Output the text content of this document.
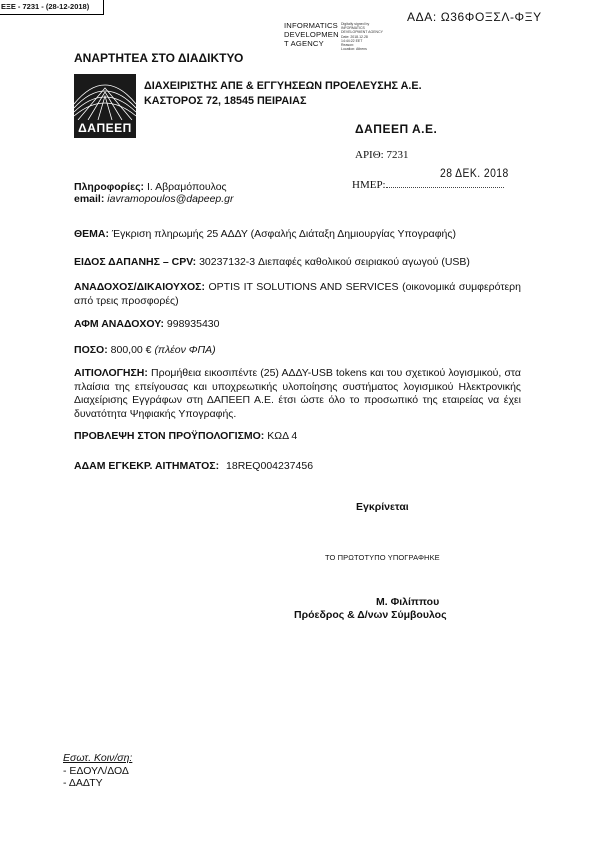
ΕΞΕ - 7231 - (28-12-2018)
INFORMATICS
DEVELOPMEN
T AGENCY
Digitally signed by
INFORMATICS
DEVELOPMENT AGENCY
Date: 2018.12.28
14:44:22 EET
Reason:
Location: Athens
ΑΔΑ: Ω36ΦΟΞΣΛ-ΦΞΥ
ΑΝΑΡΤΗΤΕΑ ΣΤΟ ΔΙΑΔΙΚΤΥΟ
ΔΑΠΕΕΠ
ΔΙΑΧΕΙΡΙΣΤΗΣ ΑΠΕ & ΕΓΓΥΗΣΕΩΝ ΠΡΟΕΛΕΥΣΗΣ Α.Ε.
ΚΑΣΤΟΡΟΣ 72, 18545 ΠΕΙΡΑΙΑΣ
ΔΑΠΕΕΠ Α.Ε.
ΑΡΙΘ: 7231
ΗΜΕΡ:
28 ΔΕΚ. 2018
Πληροφορίες: Ι. Αβραμόπουλος
email: iavramopoulos@dapeep.gr
ΘΕΜΑ: Έγκριση πληρωμής 25 ΑΔΔΥ (Ασφαλής Διάταξη Δημιουργίας Υπογραφής)
ΕΙΔΟΣ ΔΑΠΑΝΗΣ – CPV: 30237132-3 Διεπαφές καθολικού σειριακού αγωγού (USB)
ΑΝΑΔΟΧΟΣ/ΔΙΚΑΙΟΥΧΟΣ: OPTIS IT SOLUTIONS AND SERVICES (οικονομικά συμφερότερη από τρεις προσφορές)
ΑΦΜ ΑΝΑΔΟΧΟΥ: 998935430
ΠΟΣΟ: 800,00 € (πλέον ΦΠΑ)
ΑΙΤΙΟΛΟΓΗΣΗ: Προμήθεια εικοσιπέντε (25) ΑΔΔΥ-USB tokens και του σχετικού λογισμικού, στα πλαίσια της επείγουσας και υποχρεωτικής υλοποίησης συστήματος λογισμικού Ηλεκτρονικής Διαχείρισης Εγγράφων στη ΔΑΠΕΕΠ Α.Ε. έτσι ώστε όλο το προσωπικό της εταιρείας να έχει δυνατότητα Ψηφιακής Υπογραφής.
ΠΡΟΒΛΕΨΗ ΣΤΟΝ ΠΡΟΫΠΟΛΟΓΙΣΜΟ: ΚΩΔ 4
ΑΔΑΜ ΕΓΚΕΚΡ. ΑΙΤΗΜΑΤΟΣ: 18REQ004237456
Εγκρίνεται
ΤΟ ΠΡΩΤΟΤΥΠΟ ΥΠΟΓΡΑΦΗΚΕ
Μ. Φιλίππου
Πρόεδρος & Δ/νων Σύμβουλος
Εσωτ. Κοιν/ση:
- ΕΔΟΥΛ/ΔΟΔ
- ΔΑΔΤΥ
